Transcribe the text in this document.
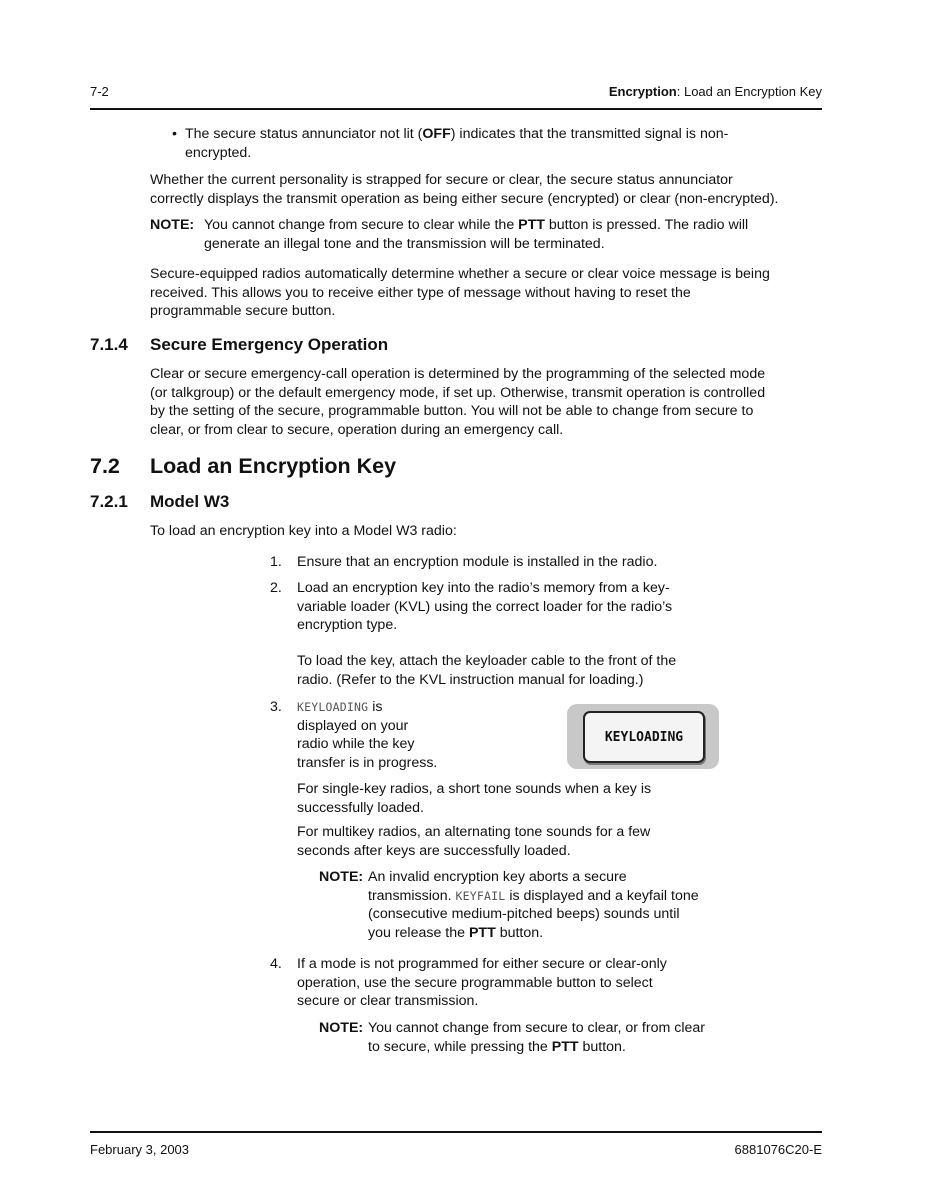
7-2	Encryption: Load an Encryption Key
• The secure status annunciator not lit (OFF) indicates that the transmitted signal is non-
encrypted.
Whether the current personality is strapped for secure or clear, the secure status annunciator
correctly displays the transmit operation as being either secure (encrypted) or clear (non-encrypted).
NOTE: You cannot change from secure to clear while the PTT button is pressed. The radio will
generate an illegal tone and the transmission will be terminated.
Secure-equipped radios automatically determine whether a secure or clear voice message is being
received. This allows you to receive either type of message without having to reset the
programmable secure button.
7.1.4 Secure Emergency Operation
Clear or secure emergency-call operation is determined by the programming of the selected mode
(or talkgroup) or the default emergency mode, if set up. Otherwise, transmit operation is controlled
by the setting of the secure, programmable button. You will not be able to change from secure to
clear, or from clear to secure, operation during an emergency call.
7.2 Load an Encryption Key
7.2.1 Model W3
To load an encryption key into a Model W3 radio:
1. Ensure that an encryption module is installed in the radio.
2. Load an encryption key into the radio’s memory from a key-
variable loader (KVL) using the correct loader for the radio’s
encryption type.
To load the key, attach the keyloader cable to the front of the
radio. (Refer to the KVL instruction manual for loading.)
3. KEYLOADING is
displayed on your
radio while the key
transfer is in progress.
KEYLOADING
For single-key radios, a short tone sounds when a key is
successfully loaded.
For multikey radios, an alternating tone sounds for a few
seconds after keys are successfully loaded.
NOTE: An invalid encryption key aborts a secure
transmission. KEYFAIL is displayed and a keyfail tone
(consecutive medium-pitched beeps) sounds until
you release the PTT button.
4. If a mode is not programmed for either secure or clear-only
operation, use the secure programmable button to select
secure or clear transmission.
NOTE: You cannot change from secure to clear, or from clear
to secure, while pressing the PTT button.
February 3, 2003	6881076C20-E
